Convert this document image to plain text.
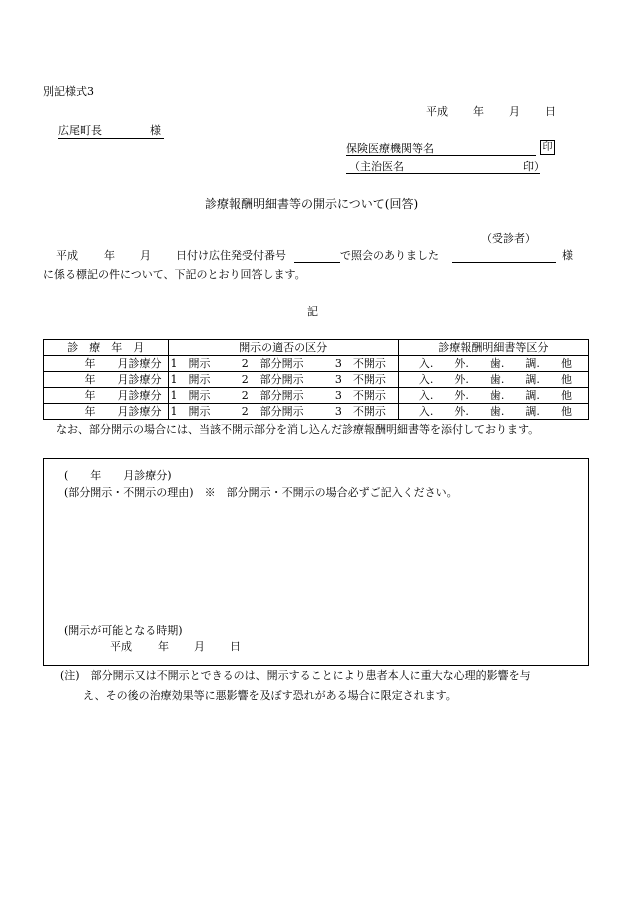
別記様式3
平成 年 月 日
広尾町長	様
保険医療機関等名	印
（主治医名	印）
診療報酬明細書等の開示について(回答)
（受診者）
平成 年 月 日付け広住発受付番号	で照会のありました	様
に係る標記の件について、下記のとおり回答します。
記
診　療　年　月	開示の適否の区分	診療報酬明細書等区分
年　　月診療分	1　開示 2　部分開示 3　不開示	入. 外. 歯. 調. 他

年　　月診療分	1　開示 2　部分開示 3　不開示	入. 外. 歯. 調. 他

年　　月診療分	1　開示 2　部分開示 3　不開示	入. 外. 歯. 調. 他

年　　月診療分	1　開示 2　部分開示 3　不開示	入. 外. 歯. 調. 他
なお、部分開示の場合には、当該不開示部分を消し込んだ診療報酬明細書等を添付しております。
(　　年　　月診療分)
(部分開示・不開示の理由)　※　部分開示・不開示の場合必ずご記入ください。
(開示が可能となる時期)
平成 年 月 日
(注)　部分開示又は不開示とできるのは、開示することにより患者本人に重大な心理的影響を与
え、その後の治療効果等に悪影響を及ぼす恐れがある場合に限定されます。
